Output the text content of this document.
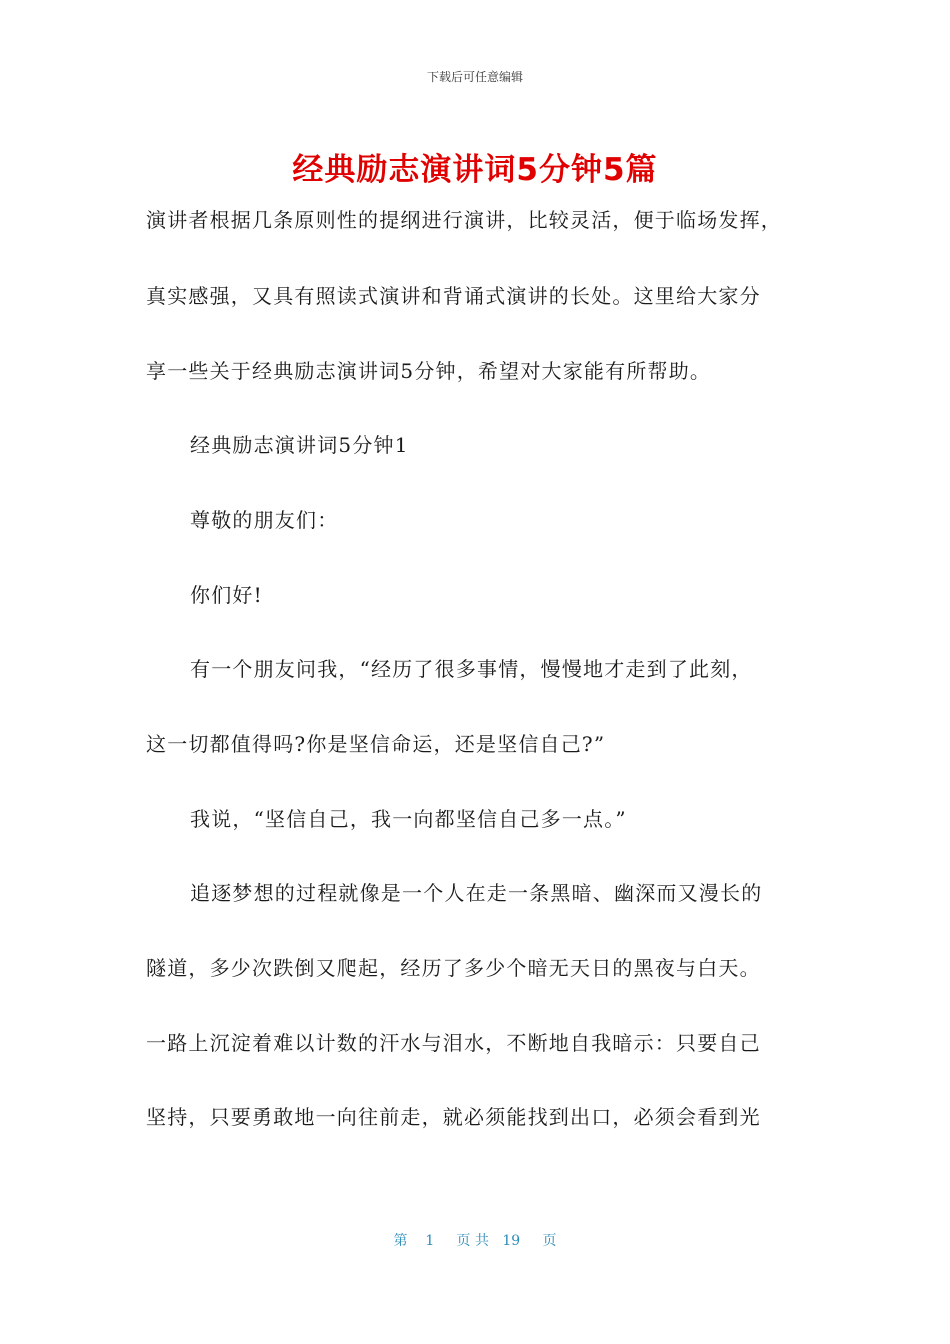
下载后可任意编辑
经典励志演讲词5分钟5篇
演讲者根据几条原则性的提纲进行演讲，比较灵活，便于临场发挥，
真实感强，又具有照读式演讲和背诵式演讲的长处。这里给大家分
享一些关于经典励志演讲词5分钟，希望对大家能有所帮助。
经典励志演讲词5分钟1
尊敬的朋友们：
你们好!
有一个朋友问我，“经历了很多事情，慢慢地才走到了此刻，
这一切都值得吗?你是坚信命运，还是坚信自己?”
我说，“坚信自己，我一向都坚信自己多一点。”
追逐梦想的过程就像是一个人在走一条黑暗、幽深而又漫长的
隧道，多少次跌倒又爬起，经历了多少个暗无天日的黑夜与白天。
一路上沉淀着难以计数的汗水与泪水，不断地自我暗示：只要自己
坚持，只要勇敢地一向往前走，就必须能找到出口，必须会看到光
第 1 页 共 19 页
